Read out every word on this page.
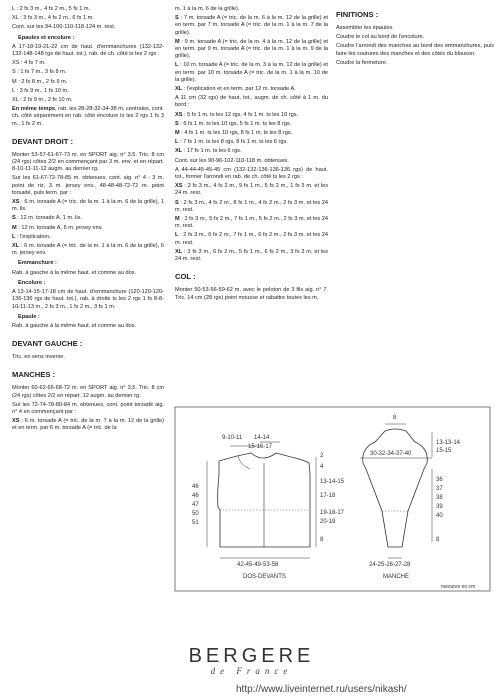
L : 2 fs 3 m., 4 fs 2 m., 5 fs 1 m.
XL : 3 fs 3 m., 4 fs 2 m., 6 fs 1 m.
Cont. sur les 94-100-110-118-124 m. rest.
Epaules et encolure :
A 17-18-19-21-22 cm de haut. d'emmanchures (132-132-132-148-148 rgs de haut. tot.), rab. de ch. côté ts les 2 rgs :
XS : 4 fs 7 m.
S : 1 fs 7 m., 3 fs 8 m.
M : 2 fs 8 m., 2 fs 9 m.
L : 3 fs 9 m., 1 fs 10 m.
XL : 2 fs 9 m., 2 fs 10 m.
En même temps, rab. les 28-28-32-34-38 m. centrales, cont. ch. côté séparément en rab. côté encolure ts les 2 rgs 1 fs 3 m., 1 fs 2 m.
DEVANT DROIT :
Monter 53-57-61-67-73 m. en SPORT aig. n° 3,5. Tric. 8 cm (24 rgs) côtes 2/2 en commençant par 3 m. env. et en répart. 8-10-11-11-12 augm. au dernier rg.
Sur les 61-67-72-78-85 m. obtenues, cont. aig. n° 4 : 3 m. point de riz, 3 m. jersey env., 48-48-48-72-72 m. point torsadé, puis term. par :
XS : 6 m. torsade A (= tric. de la m. 1 à la m. 6 de la grille), 1 m. lis.
S : 12 m. torsade A, 1 m. lis.
M : 12 m. torsade A, 6 m. jersey env.
L : l'explication.
XL : 6 m. torsade A (= tric. de la m. 1 à la m. 6 de la grille), 6 m. jersey env.
Emmanchure :
Rab. à gauche à la même haut. et comme au dos.
Encolure :
A 13-14-15-17-18 cm de haut. d'emmanchure (120-120-120-136-136 rgs de haut. tot.), rab. à droite ts les 2 rgs 1 fs 8-8-10-11-13 m., 2 fs 3 m., 1 fs 2 m., 3 fs 1 m.
Epaule :
Rab. à gauche à la même haut. et comme au dos.
DEVANT GAUCHE :
Tric. en sens inverse.
MANCHES :
Monter 60-62-66-68-72 m. en SPORT aig. n° 3,5. Tric. 8 cm (24 rgs) côtes 2/2 en répart. 12 augm. au dernier rg.
Sur les 72-74-78-80-84 m. obtenues, cont. point torsadé aig. n° 4 en commençant par :
XS : 6 m. torsade A (= tric. de la m. 7 à la m. 12 de la grille) et en term. par 6 m. torsade A (= tric. de la
m. 1 à la m. 6 de la grille).
S : 7 m. torsade A (= tric. de la m. 6 à la m. 12 de la grille) et en term. par 7 m. torsade A (= tric. de la m. 1 à la m. 7 de la grille).
M : 9 m. torsade A (= tric. de la m. 4 à la m. 12 de la grille) et en term. par 9 m. torsade A (= tric. de la m. 1 à la m. 9 de la grille).
L : 10 m. torsade A (= tric. de la m. 3 à la m. 12 de la grille) et en term. par 10 m. torsade A (= tric. de la m. 1 à la m. 10 de la grille).
XL : l'explication et en term. par 12 m. torsade A.
A 11 cm (32 rgs) de haut. tot., augm. de ch. côté à 1 m. du bord :
XS : 5 fs 1 m. ts les 12 rgs, 4 fs 1 m. ts les 10 rgs.
S : 6 fs 1 m. ts les 10 rgs, 5 fs 1 m. ts les 8 rgs.
M : 4 fs 1 m. ts les 10 rgs, 8 fs 1 m. ts les 8 rgs.
L : 7 fs 1 m. ts les 8 rgs, 8 fs 1 m. ts les 6 rgs.
XL : 17 fs 1 m. ts les 6 rgs.
Cont. sur les 90-96-102-110-118 m. obtenues.
A 44-44-45-45-45 cm (132-132-136-136-136 rgs) de haut. tot., former l'arrondi en rab. de ch. côté ts les 2 rgs :
XS : 3 fs 3 m., 4 fs 2 m., 9 fs 1 m., 5 fs 2 m., 1 fs 3 m. et les 24 m. rest.
S : 2 fs 3 m., 4 fs 2 m., 8 fs 1 m., 4 fs 2 m., 2 fs 3 m. et les 24 m. rest.
M : 2 fs 3 m., 5 fs 2 m., 7 fs 1 m., 5 fs 2 m., 2 fs 3 m. et les 24 m. rest.
L : 2 fs 3 m., 6 fs 2 m., 7 fs 1 m., 6 fs 2 m., 2 fs 3 m. et les 24 m. rest.
XL : 3 fs 3 m., 6 fs 2 m., 5 fs 1 m., 6 fs 2 m., 3 fs 3 m. et les 24 m. rest.
COL :
Monter 50-53-56-59-62 m. avec le peloton de 3 fils aig. n° 7. Tric. 14 cm (28 rgs) point mousse et rabattre toutes les m.
FINITIONS :
Assembler les épaules.
Coudre le col au bord de l'encolure.
Coudre l'arrondi des manches au bord des emmanchures, puis faire les coutures des manches et des côtés du blouson.
Coudre la fermeture.
9-10-11 14-14
15-16-17
2
4
13-14-15
17-18
19-18-17
20-19
8
46
46
47
50
51
42-45-49-53-58
DOS-DEVANTS
8
30-32-34-37-40
13-13-14
15-15
36
37
38
39
40
8
24-25-26-27-28
MANCHE
mesures en cm
BERGERE
de France
http://www.liveinternet.ru/users/nikash/
